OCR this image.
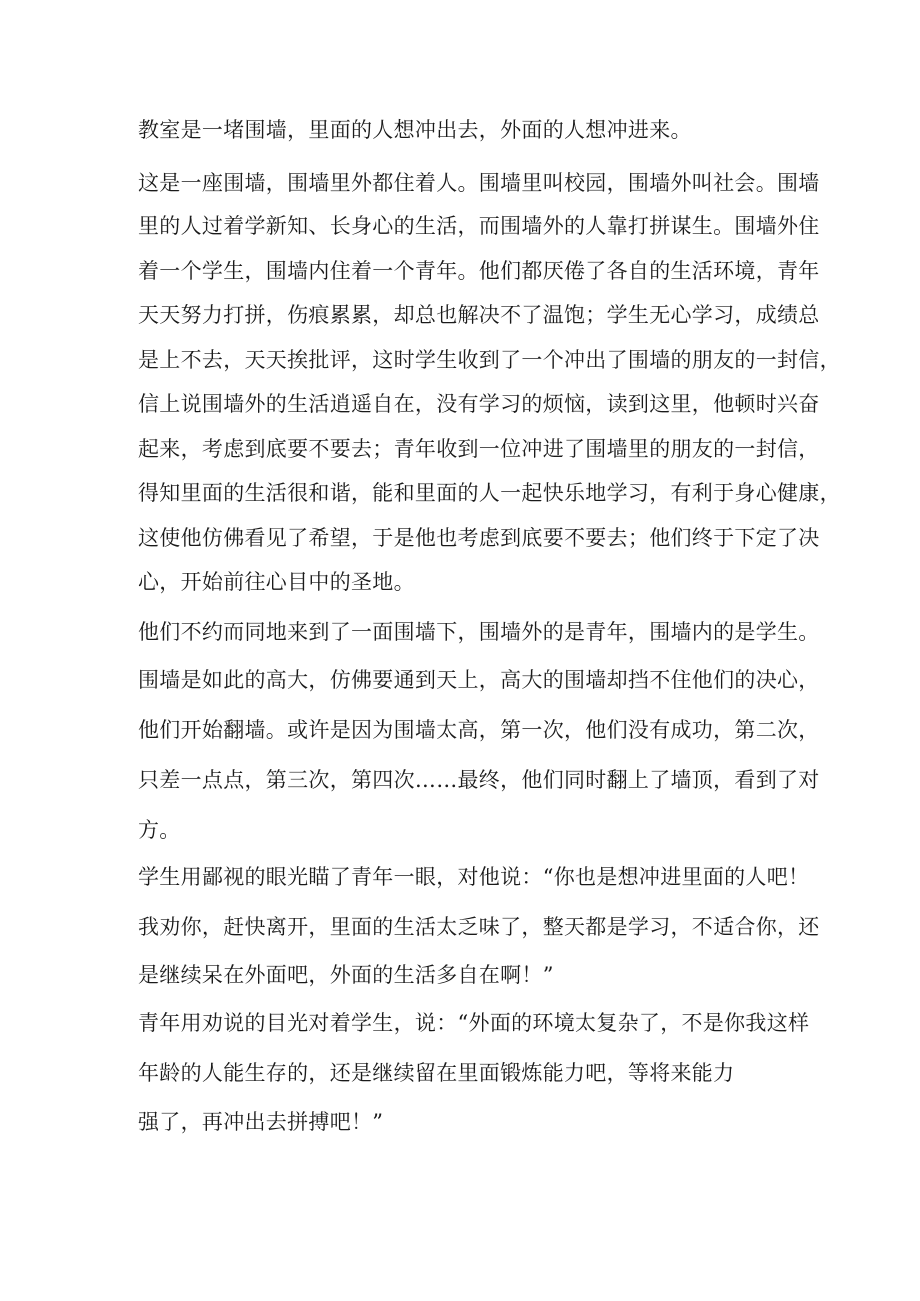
教室是一堵围墙，里面的人想冲出去，外面的人想冲进来。
这是一座围墙，围墙里外都住着人。围墙里叫校园，围墙外叫社会。围墙
里的人过着学新知、长身心的生活，而围墙外的人靠打拼谋生。围墙外住
着一个学生，围墙内住着一个青年。他们都厌倦了各自的生活环境，青年
天天努力打拼，伤痕累累，却总也解决不了温饱；学生无心学习，成绩总
是上不去，天天挨批评，这时学生收到了一个冲出了围墙的朋友的一封信，
信上说围墙外的生活逍遥自在，没有学习的烦恼，读到这里，他顿时兴奋
起来，考虑到底要不要去；青年收到一位冲进了围墙里的朋友的一封信，
得知里面的生活很和谐，能和里面的人一起快乐地学习，有利于身心健康，
这使他仿佛看见了希望，于是他也考虑到底要不要去；他们终于下定了决
心，开始前往心目中的圣地。
他们不约而同地来到了一面围墙下，围墙外的是青年，围墙内的是学生。
围墙是如此的高大，仿佛要通到天上，高大的围墙却挡不住他们的决心，
他们开始翻墙。或许是因为围墙太高，第一次，他们没有成功，第二次，
只差一点点，第三次，第四次……最终，他们同时翻上了墙顶，看到了对
方。
学生用鄙视的眼光瞄了青年一眼，对他说：“你也是想冲进里面的人吧！
我劝你，赶快离开，里面的生活太乏味了，整天都是学习，不适合你，还
是继续呆在外面吧，外面的生活多自在啊！”
青年用劝说的目光对着学生，说：“外面的环境太复杂了，不是你我这样
年龄的人能生存的，还是继续留在里面锻炼能力吧，等将来能力
强了，再冲出去拼搏吧！”
